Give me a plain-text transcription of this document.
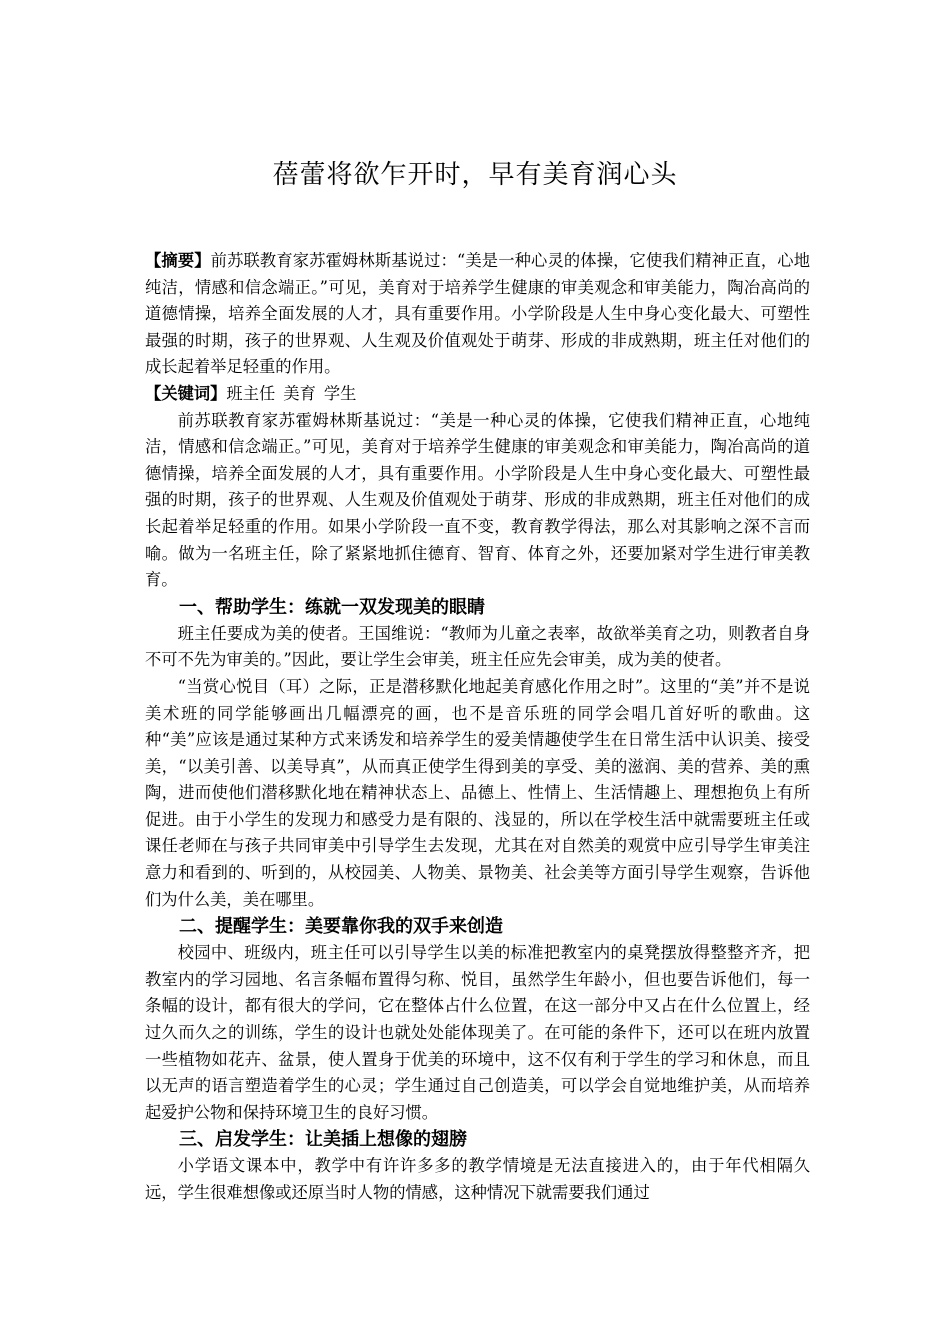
蓓蕾将欲乍开时，早有美育润心头

【摘要】前苏联教育家苏霍姆林斯基说过：“美是一种心灵的体操，它使我们精神正直，心地纯洁，情感和信念端正。”可见，美育对于培养学生健康的审美观念和审美能力，陶冶高尚的道德情操，培养全面发展的人才，具有重要作用。小学阶段是人生中身心变化最大、可塑性最强的时期，孩子的世界观、人生观及价值观处于萌芽、形成的非成熟期，班主任对他们的成长起着举足轻重的作用。

【关键词】班主任 美育 学生

前苏联教育家苏霍姆林斯基说过：“美是一种心灵的体操，它使我们精神正直，心地纯洁，情感和信念端正。”可见，美育对于培养学生健康的审美观念和审美能力，陶冶高尚的道德情操，培养全面发展的人才，具有重要作用。小学阶段是人生中身心变化最大、可塑性最强的时期，孩子的世界观、人生观及价值观处于萌芽、形成的非成熟期，班主任对他们的成长起着举足轻重的作用。如果小学阶段一直不变，教育教学得法，那么对其影响之深不言而喻。做为一名班主任，除了紧紧地抓住德育、智育、体育之外，还要加紧对学生进行审美教育。

一、帮助学生：练就一双发现美的眼睛

班主任要成为美的使者。王国维说：“教师为儿童之表率，故欲举美育之功，则教者自身不可不先为审美的。”因此，要让学生会审美，班主任应先会审美，成为美的使者。

“当赏心悦目（耳）之际，正是潜移默化地起美育感化作用之时”。这里的“美”并不是说美术班的同学能够画出几幅漂亮的画，也不是音乐班的同学会唱几首好听的歌曲。这种“美”应该是通过某种方式来诱发和培养学生的爱美情趣使学生在日常生活中认识美、接受美，“以美引善、以美导真”，从而真正使学生得到美的享受、美的滋润、美的营养、美的熏陶，进而使他们潜移默化地在精神状态上、品德上、性情上、生活情趣上、理想抱负上有所促进。由于小学生的发现力和感受力是有限的、浅显的，所以在学校生活中就需要班主任或课任老师在与孩子共同审美中引导学生去发现，尤其在对自然美的观赏中应引导学生审美注意力和看到的、听到的，从校园美、人物美、景物美、社会美等方面引导学生观察，告诉他们为什么美，美在哪里。

二、提醒学生：美要靠你我的双手来创造

校园中、班级内，班主任可以引导学生以美的标准把教室内的桌凳摆放得整整齐齐，把教室内的学习园地、名言条幅布置得匀称、悦目，虽然学生年龄小，但也要告诉他们，每一条幅的设计，都有很大的学问，它在整体占什么位置，在这一部分中又占在什么位置上，经过久而久之的训练，学生的设计也就处处能体现美了。在可能的条件下，还可以在班内放置一些植物如花卉、盆景，使人置身于优美的环境中，这不仅有利于学生的学习和休息，而且以无声的语言塑造着学生的心灵；学生通过自己创造美，可以学会自觉地维护美，从而培养起爱护公物和保持环境卫生的良好习惯。

三、启发学生：让美插上想像的翅膀

小学语文课本中，教学中有许许多多的教学情境是无法直接进入的，由于年代相隔久远，学生很难想像或还原当时人物的情感，这种情况下就需要我们通过
